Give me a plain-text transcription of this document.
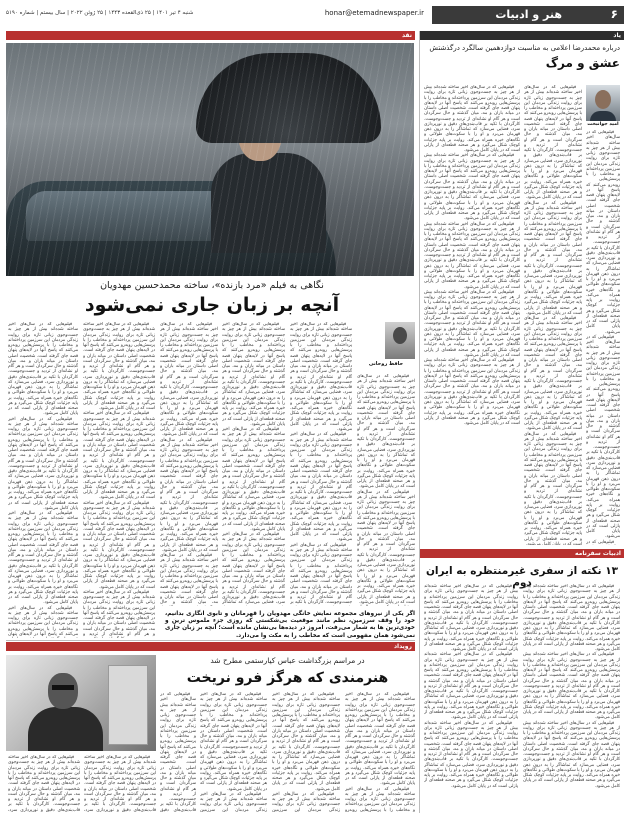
۶
هنر و ادبیات
honar@etemadnewspaper.ir
شنبه ۴ تیر ۱۴۰۱ | ۲۵ ذی‌القعده ۱۴۴۳ | ۲۵ ژوئن ۲۰۲۲ | سال بیستم | شماره ۵۱۹۰
یاد
نقد
نگاهی به فیلم «مرد بازنده»، ساخته محمدحسین مهدویان
آنچه بر زبان جاری نمی‌شود
حافظ روحانی

فیلم‌هایی که در سال‌های اخیر ساخته شده‌اند بیش از هر چیز به جست‌وجوی زبانی تازه برای روایت زندگی مردمان این سرزمین پرداخته‌اند و مخاطب را با پرسش‌هایی روبه‌رو می‌کنند که پاسخ آنها در لایه‌های پنهان قصه جای گرفته است. شخصیت اصلی داستان در میانه باران و مه، میان گذشته و حال سرگردان است و هر گام او نشانه‌ای از تردید و جست‌وجوست. کارگردان با تکیه بر قاب‌بندی‌های دقیق و نورپردازی سرد، فضایی می‌سازد که تماشاگر را به درون ذهن قهرمان می‌برد و او را با سکوت‌های طولانی و نگاه‌های خیره همراه می‌کند. روایت بر پایه جزئیات کوچک شکل می‌گیرد و هر صحنه قطعه‌ای از پازلی است که در پایان کامل می‌شود.

فیلم‌هایی که در سال‌های اخیر ساخته شده‌اند بیش از هر چیز به جست‌وجوی زبانی تازه برای روایت زندگی مردمان این سرزمین پرداخته‌اند و مخاطب را با پرسش‌هایی روبه‌رو می‌کنند که پاسخ آنها در لایه‌های پنهان قصه جای گرفته است. شخصیت اصلی داستان در میانه باران و مه، میان گذشته و حال سرگردان است و هر گام او نشانه‌ای از تردید و جست‌وجوست. کارگردان با تکیه بر قاب‌بندی‌های دقیق و نورپردازی سرد، فضایی می‌سازد که تماشاگر را به درون ذهن قهرمان می‌برد و او را با سکوت‌های طولانی و نگاه‌های خیره همراه می‌کند. روایت بر پایه جزئیات کوچک شکل می‌گیرد و هر صحنه قطعه‌ای از پازلی است که در پایان کامل می‌شود.

فیلم‌هایی که در سال‌های اخیر ساخته شده‌اند بیش از هر چیز به جست‌وجوی زبانی تازه برای روایت زندگی مردمان این سرزمین پرداخته‌اند و مخاطب را با پرسش‌هایی روبه‌رو می‌کنند که پاسخ آنها در لایه‌های پنهان قصه جای گرفته است. شخصیت اصلی داستان در میانه باران و مه، میان گذشته و حال سرگردان است و هر گام او نشانه‌ای از تردید و جست‌وجوست. کارگردان با تکیه بر قاب‌بندی‌های دقیق و نورپردازی سرد، فضایی می‌سازد که تماشاگر را به درون ذهن قهرمان می‌برد و او را با سکوت‌های طولانی و نگاه‌های خیره همراه می‌کند. روایت بر پایه جزئیات کوچک شکل می‌گیرد و هر صحنه قطعه‌ای از پازلی است که در پایان کامل می‌شود.

فیلم‌هایی که در سال‌های اخیر ساخته شده‌اند بیش از هر چیز به جست‌وجوی زبانی تازه برای روایت زندگی مردمان این سرزمین پرداخته‌اند و مخاطب را با پرسش‌هایی روبه‌رو می‌کنند که پاسخ آنها در لایه‌های پنهان قصه جای گرفته است. شخصیت اصلی داستان در میانه باران و مه، میان گذشته و حال سرگردان است و هر گام او نشانه‌ای از تردید و جست‌وجوست. کارگردان با تکیه بر قاب‌بندی‌های دقیق و نورپردازی سرد، فضایی می‌سازد که تماشاگر را به درون ذهن قهرمان می‌برد و او را با سکوت‌های طولانی و نگاه‌های خیره همراه می‌کند. روایت بر پایه جزئیات کوچک شکل می‌گیرد و هر صحنه قطعه‌ای از پازلی است که در پایان کامل می‌شود.

فیلم‌هایی که در سال‌های اخیر ساخته شده‌اند بیش از هر چیز به جست‌وجوی زبانی تازه برای روایت زندگی مردمان این سرزمین پرداخته‌اند و مخاطب را با پرسش‌هایی روبه‌رو می‌کنند که پاسخ آنها در لایه‌های پنهان قصه جای گرفته است. شخصیت اصلی داستان در میانه باران و مه، میان گذشته و حال سرگردان است و هر گام او نشانه‌ای از تردید و جست‌وجوست. کارگردان با تکیه بر

فیلم‌هایی که در سال‌های اخیر ساخته شده‌اند بیش از هر چیز به جست‌وجوی زبانی تازه برای روایت زندگی مردمان این سرزمین پرداخته‌اند و مخاطب را با پرسش‌هایی روبه‌رو می‌کنند که پاسخ آنها در لایه‌های پنهان قصه جای گرفته است. شخصیت اصلی داستان در میانه باران و مه، میان گذشته و حال سرگردان است و هر گام او نشانه‌ای از تردید و جست‌وجوست. کارگردان با تکیه بر قاب‌بندی‌های دقیق و نورپردازی سرد، فضایی می‌سازد که تماشاگر را به درون ذهن قهرمان می‌برد و او را با سکوت‌های طولانی و نگاه‌های خیره همراه می‌کند. روایت بر پایه جزئیات کوچک شکل می‌گیرد و هر صحنه قطعه‌ای از پازلی است که در پایان کامل می‌شود.

فیلم‌هایی که در سال‌های اخیر ساخته شده‌اند بیش از هر چیز به جست‌وجوی زبانی تازه برای روایت زندگی مردمان این سرزمین پرداخته‌اند و مخاطب را با پرسش‌هایی روبه‌رو می‌کنند که پاسخ آنها در لایه‌های پنهان قصه جای گرفته است. شخصیت اصلی داستان در میانه باران و مه، میان گذشته و حال سرگردان است و هر گام او نشانه‌ای از تردید و جست‌وجوست. کارگردان با تکیه بر قاب‌بندی‌های دقیق و نورپردازی سرد، فضایی می‌سازد که تماشاگر را به درون ذهن قهرمان می‌برد و او را با سکوت‌های طولانی و نگاه‌های خیره همراه می‌کند. روایت بر پایه جزئیات کوچک شکل می‌گیرد و هر صحنه قطعه‌ای از پازلی است که در پایان کامل می‌شود.

فیلم‌هایی که در سال‌های اخیر ساخته شده‌اند بیش از هر چیز به جست‌وجوی زبانی تازه برای روایت زندگی مردمان این سرزمین پرداخته‌اند و مخاطب را با پرسش‌هایی روبه‌رو می‌کنند که پاسخ آنها در لایه‌های پنهان قصه جای گرفته است. شخصیت اصلی داستان در میانه باران و مه، میان گذشته و حال سرگردان است و هر گام او نشانه‌ای از تردید و جست‌وجوست. کارگردان با تکیه بر قاب‌بندی‌های دقیق و نورپردازی سرد، فضایی می‌سازد که تماشاگر

فیلم‌هایی که در سال‌های اخیر ساخته شده‌اند بیش از هر چیز به جست‌وجوی زبانی تازه برای روایت زندگی مردمان این سرزمین پرداخته‌اند و مخاطب را با پرسش‌هایی روبه‌رو می‌کنند که پاسخ آنها در لایه‌های پنهان قصه جای گرفته است. شخصیت اصلی داستان در میانه باران و مه، میان گذشته و حال سرگردان است و هر گام او نشانه‌ای از تردید و جست‌وجوست. کارگردان با تکیه بر قاب‌بندی‌های دقیق و نورپردازی سرد، فضایی می‌سازد که تماشاگر را به درون ذهن قهرمان می‌برد و او را با سکوت‌های طولانی و نگاه‌های خیره همراه می‌کند. روایت بر پایه جزئیات کوچک شکل می‌گیرد و هر صحنه قطعه‌ای از پازلی است که در پایان کامل می‌شود.

فیلم‌هایی که در سال‌های اخیر ساخته شده‌اند بیش از هر چیز به جست‌وجوی زبانی تازه برای روایت زندگی مردمان این سرزمین پرداخته‌اند و مخاطب را با پرسش‌هایی روبه‌رو می‌کنند که پاسخ آنها در لایه‌های پنهان قصه جای گرفته است. شخصیت اصلی داستان در میانه باران و مه، میان گذشته و حال سرگردان است و هر گام او نشانه‌ای از تردید و جست‌وجوست. کارگردان با تکیه بر قاب‌بندی‌های دقیق و نورپردازی سرد، فضایی می‌سازد که تماشاگر را به درون ذهن قهرمان می‌برد و او را با سکوت‌های طولانی و نگاه‌های خیره همراه می‌کند. روایت بر پایه جزئیات کوچک شکل می‌گیرد و هر صحنه قطعه‌ای از پازلی است که در پایان کامل می‌شود.

فیلم‌هایی که در سال‌های اخیر ساخته شده‌اند بیش از هر چیز به جست‌وجوی زبانی تازه برای روایت زندگی مردمان این سرزمین پرداخته‌اند و مخاطب را با پرسش‌هایی روبه‌رو می‌کنند که پاسخ آنها در لایه‌های پنهان قصه جای گرفته است. شخصیت اصلی داستان در میانه باران و مه، میان گذشته و حال

فیلم‌هایی که در سال‌های اخیر ساخته شده‌اند بیش از هر چیز به جست‌وجوی زبانی تازه برای روایت زندگی مردمان این سرزمین پرداخته‌اند و مخاطب را با پرسش‌هایی روبه‌رو می‌کنند که پاسخ آنها در لایه‌های پنهان قصه جای گرفته است. شخصیت اصلی داستان در میانه باران و مه، میان گذشته و حال سرگردان است و هر گام او نشانه‌ای از تردید و جست‌وجوست. کارگردان با تکیه بر قاب‌بندی‌های دقیق و نورپردازی سرد، فضایی می‌سازد که تماشاگر را به درون ذهن قهرمان می‌برد و او را با سکوت‌های طولانی و نگاه‌های خیره همراه می‌کند. روایت بر پایه جزئیات کوچک شکل می‌گیرد و هر صحنه قطعه‌ای از پازلی است که در پایان کامل می‌شود.

فیلم‌هایی که در سال‌های اخیر ساخته شده‌اند بیش از هر چیز به جست‌وجوی زبانی تازه برای روایت زندگی مردمان این سرزمین پرداخته‌اند و مخاطب را با پرسش‌هایی روبه‌رو می‌کنند که پاسخ آنها در لایه‌های پنهان قصه جای گرفته است. شخصیت اصلی داستان در میانه باران و مه، میان گذشته و حال سرگردان است و هر گام او نشانه‌ای از تردید و جست‌وجوست. کارگردان با تکیه بر قاب‌بندی‌های دقیق و نورپردازی سرد، فضایی می‌سازد که تماشاگر را به درون ذهن قهرمان می‌برد و او را با سکوت‌های طولانی و نگاه‌های خیره همراه می‌کند. روایت بر پایه جزئیات کوچک شکل می‌گیرد و هر صحنه قطعه‌ای از پازلی است که در پایان کامل می‌شود.

فیلم‌هایی که در سال‌های اخیر ساخته شده‌اند بیش از هر چیز به جست‌وجوی زبانی تازه برای روایت زندگی مردمان این سرزمین پرداخته‌اند و مخاطب را با پرسش‌هایی روبه‌رو می‌کنند که پاسخ آنها در لایه‌های پنهان قصه جای گرفته است. شخصیت اصلی داستان در میانه باران و مه، میان گذشته و حال سرگردان است و هر گام او نشانه‌ای از تردید و جست‌وجوست. کارگردان با تکیه بر قاب‌بندی‌های دقیق و نورپردازی سرد، فضایی می‌سازد که تماشاگر را به درون ذهن قهرمان می‌برد و او را با سکوت‌های طولانی و نگاه‌های خیره همراه می‌کند. روایت بر پایه جزئیات کوچک شکل می‌گیرد و هر صحنه قطعه‌ای از پازلی است که در پایان کامل می‌شود.

فیلم‌هایی که در سال‌های اخیر ساخته شده‌اند بیش از هر چیز به جست‌وجوی زبانی تازه برای روایت زندگی مردمان این سرزمین پرداخته‌اند و مخاطب را با پرسش‌هایی روبه‌رو می‌کنند که پاسخ آنها در لایه‌های پنهان قصه جای گرفته است. شخصیت اصلی داستان در میانه باران و مه، میان گذشته و حال سرگردان است و هر گام او نشانه‌ای از تردید و

فیلم‌هایی که در سال‌های اخیر ساخته شده‌اند بیش از هر چیز به جست‌وجوی زبانی تازه برای روایت زندگی مردمان این سرزمین پرداخته‌اند و مخاطب را با پرسش‌هایی روبه‌رو می‌کنند که پاسخ آنها در لایه‌های پنهان قصه جای گرفته است. شخصیت اصلی داستان در میانه باران و مه، میان گذشته و حال سرگردان است و هر گام او نشانه‌ای از تردید و جست‌وجوست. کارگردان با تکیه بر قاب‌بندی‌های دقیق و نورپردازی سرد، فضایی می‌سازد که تماشاگر را به درون ذهن قهرمان می‌برد و او را با سکوت‌های طولانی و نگاه‌های خیره همراه می‌کند. روایت بر پایه جزئیات کوچک شکل می‌گیرد و هر صحنه قطعه‌ای از پازلی است که در پایان کامل می‌شود.

فیلم‌هایی که در سال‌های اخیر ساخته شده‌اند بیش از هر چیز به جست‌وجوی زبانی تازه برای روایت زندگی مردمان این سرزمین پرداخته‌اند و مخاطب را با پرسش‌هایی روبه‌رو می‌کنند که پاسخ آنها در لایه‌های پنهان قصه جای گرفته است. شخصیت اصلی داستان در میانه باران و مه، میان گذشته و حال سرگردان است و هر گام او نشانه‌ای از تردید و جست‌وجوست. کارگردان با تکیه بر قاب‌بندی‌های دقیق و نورپردازی سرد، فضایی می‌سازد که تماشاگر را به درون ذهن قهرمان می‌برد و او را با سکوت‌های طولانی و نگاه‌های خیره همراه می‌کند. روایت بر پایه جزئیات کوچک شکل می‌گیرد و هر صحنه قطعه‌ای از پازلی است که در پایان کامل می‌شود.

فیلم‌هایی که در سال‌های اخیر ساخته شده‌اند بیش از هر چیز به جست‌وجوی زبانی تازه برای روایت زندگی مردمان این سرزمین پرداخته‌اند و مخاطب را با پرسش‌هایی روبه‌رو می‌کنند که پاسخ آنها در لایه‌های پنهان قصه جای گرفته است. شخصیت اصلی داستان در میانه باران و مه، میان گذشته و حال سرگردان است و هر گام او نشانه‌ای از تردید و جست‌وجوست. کارگردان با تکیه بر قاب‌بندی‌های دقیق و نورپردازی سرد، فضایی می‌سازد که تماشاگر را به درون ذهن قهرمان می‌برد و او را با سکوت‌های طولانی و نگاه‌های خیره همراه می‌کند. روایت بر پایه جزئیات کوچک شکل می‌گیرد و هر صحنه قطعه‌ای از پازلی است که در پایان کامل می‌شود.

فیلم‌هایی که در سال‌های اخیر ساخته شده‌اند بیش از هر چیز به جست‌وجوی زبانی تازه برای روایت زندگی مردمان این سرزمین پرداخته‌اند و مخاطب را با پرسش‌هایی روبه‌رو می‌کنند که پاسخ آنها در لایه‌های پنهان

اگر یکی از نیروهای مجموعه نمایش خانگی مهدویان را قهرمانان و تابوی انگاری بدانیم، خود را وقف سرزمین، نظم مانند موقعیت بی‌شکستی که روزی جزء ملموس ترین و خودی‌ترین ها به شمار می‌رفت، امروز در دیده‌ها بی‌نشان مانده است؛ آنچه بر زبان جاری نمی‌شود همان مفهومی است که مخاطب را به مکث وا می‌دارد.
درباره محمدرضا اعلامی به مناسبت دوازدهمین سالگرد درگذشتش
عشق و مرگ
امید جوانبخت

فیلم‌هایی که در سال‌های اخیر ساخته شده‌اند بیش از هر چیز به جست‌وجوی زبانی تازه برای روایت زندگی مردمان این سرزمین پرداخته‌اند و مخاطب را با پرسش‌هایی روبه‌رو می‌کنند که پاسخ آنها در لایه‌های پنهان قصه جای گرفته است. شخصیت اصلی داستان در میانه باران و مه، میان گذشته و حال سرگردان است و هر گام او نشانه‌ای از تردید و جست‌وجوست. کارگردان با تکیه بر قاب‌بندی‌های دقیق و نورپردازی سرد، فضایی می‌سازد که تماشاگر را به درون ذهن قهرمان می‌برد و او را با سکوت‌های طولانی و نگاه‌های خیره همراه می‌کند. روایت بر پایه جزئیات کوچک شکل می‌گیرد و هر صحنه قطعه‌ای از پازلی است که در پایان کامل می‌شود.

فیلم‌هایی که در سال‌های اخیر ساخته شده‌اند بیش از هر چیز به جست‌وجوی زبانی تازه برای روایت زندگی مردمان این سرزمین پرداخته‌اند و مخاطب را با پرسش‌هایی روبه‌رو می‌کنند که پاسخ آنها در لایه‌های پنهان قصه جای گرفته است. شخصیت اصلی داستان در میانه باران و مه، میان گذشته و حال سرگردان است و هر گام او نشانه‌ای از تردید و جست‌وجوست. کارگردان با تکیه بر قاب‌بندی‌های دقیق و نورپردازی سرد، فضایی می‌سازد که تماشاگر را به درون ذهن قهرمان می‌برد و او را با سکوت‌های طولانی و نگاه‌های خیره همراه می‌کند. روایت بر پایه جزئیات کوچک شکل می‌گیرد و هر صحنه قطعه‌ای از پازلی است که در پایان کامل می‌شود.

فیلم‌هایی که در سال‌های اخیر ساخته شده‌اند بیش از هر چیز به جست‌وجوی زبانی تازه برای روایت زندگی مردمان این سرزمین پرداخته‌اند و مخاطب را با پرسش‌هایی روبه‌رو می‌کنند که پاسخ آنها در لایه‌های پنهان قصه جای گرفته است. شخصیت اصلی داستان در میانه باران و مه، میان گذشته و حال سرگردان است و هر گام او نشانه‌ای از تردید و جست‌وجوست. کارگردان با تکیه بر قاب‌بندی‌های دقیق و نورپردازی سرد، فضایی می‌سازد که تماشاگر را به درون ذهن قهرمان می‌برد و او را با سکوت‌های طولانی و نگاه‌های خیره همراه می‌کند. روایت بر پایه جزئیات کوچک شکل می‌گیرد و هر صحنه قطعه‌ای از پازلی است که در پایان کامل می‌شود.

فیلم‌هایی که در سال‌های اخیر ساخته شده‌اند بیش از هر چیز به جست‌وجوی زبانی تازه برای روایت زندگی مردمان این سرزمین پرداخته‌اند و مخاطب را با پرسش‌هایی روبه‌رو می‌کنند که پاسخ آنها در لایه‌های پنهان قصه جای گرفته است. شخصیت اصلی داستان در میانه باران و مه، میان گذشته و حال سرگردان است و هر گام او نشانه‌ای از تردید و جست‌وجوست. کارگردان با تکیه بر قاب‌بندی‌های دقیق و نورپردازی سرد، فضایی می‌سازد که تماشاگر را به درون ذهن قهرمان می‌برد و او را با سکوت‌های طولانی و نگاه‌های خیره همراه می‌کند. روایت بر پایه جزئیات کوچک شکل می‌گیرد و هر صحنه قطعه‌ای از پازلی است که در پایان کامل می‌شود.

فیلم‌هایی که در سال‌های اخیر ساخته شده‌اند بیش از هر چیز به جست‌وجوی زبانی تازه برای روایت زندگی مردمان این سرزمین پرداخته‌اند و مخاطب را با پرسش‌هایی روبه‌رو می‌کنند که پاسخ آنها در لایه‌های پنهان قصه جای گرفته است. شخصیت اصلی داستان در میانه باران و مه، میان گذشته و حال سرگردان است و هر گام او نشانه‌ای از تردید و جست‌وجوست. کارگردان با تکیه بر قاب‌بندی‌های دقیق و نورپردازی سرد، فضایی می‌سازد که تماشاگر را به درون ذهن قهرمان می‌برد و او را با سکوت‌های طولانی و نگاه‌های خیره همراه می‌کند. روایت بر پایه جزئیات کوچک شکل می‌گیرد و هر صحنه قطعه‌ای از پازلی است که در پایان کامل می‌شود.

فیلم‌هایی که در سال‌های اخیر ساخته شده‌اند بیش از هر چیز به جست‌وجوی زبانی تازه برای روایت زندگی مردمان این سرزمین پرداخته‌اند و مخاطب را با پرسش‌هایی روبه‌رو می‌کنند که پاسخ آنها در لایه‌های پنهان قصه جای گرفته است. شخصیت اصلی داستان در میانه باران و مه، میان گذشته و حال سرگردان است و هر گام او نشانه‌ای از تردید و جست‌وجوست. کارگردان با تکیه بر قاب‌بندی‌های دقیق و نورپردازی سرد، فضایی می‌سازد که تماشاگر را به درون ذهن قهرمان می‌برد و او را با سکوت‌های طولانی و نگاه‌های خیره همراه می‌کند. روایت بر پایه جزئیات کوچک شکل می‌گیرد و هر صحنه قطعه‌ای از پازلی است که در پایان کامل می‌شود.

فیلم‌هایی که در سال‌های اخیر ساخته شده‌اند بیش از هر چیز به جست‌وجوی زبانی تازه برای روایت زندگی مردمان این سرزمین پرداخته‌اند و مخاطب را با پرسش‌هایی روبه‌رو می‌کنند که پاسخ آنها در لایه‌های پنهان قصه جای گرفته است. شخصیت اصلی داستان در میانه باران و مه، میان گذشته و حال سرگردان است و هر گام او نشانه‌ای از تردید و جست‌وجوست. کارگردان با تکیه بر قاب‌بندی‌های دقیق و نورپردازی سرد، فضایی می‌سازد که تماشاگر را به درون ذهن قهرمان می‌برد و او را با سکوت‌های طولانی و نگاه‌های خیره همراه می‌کند. روایت بر پایه جزئیات کوچک شکل می‌گیرد و هر صحنه قطعه‌ای از پازلی است که در پایان کامل می‌شود.

فیلم‌هایی که در سال‌های اخیر ساخته شده‌اند بیش از هر چیز به جست‌وجوی زبانی تازه برای روایت زندگی مردمان این سرزمین پرداخته‌اند و مخاطب را با پرسش‌هایی روبه‌رو می‌کنند که پاسخ آنها در لایه‌های پنهان قصه جای گرفته است. شخصیت اصلی داستان در میانه باران و مه، میان گذشته و حال سرگردان است و هر گام او نشانه‌ای از تردید و جست‌وجوست. کارگردان با تکیه بر قاب‌بندی‌های دقیق و نورپردازی سرد، فضایی می‌سازد که تماشاگر را به درون ذهن قهرمان می‌برد و او را با سکوت‌های طولانی و نگاه‌های خیره همراه می‌کند. روایت بر پایه جزئیات کوچک شکل می‌گیرد و هر صحنه قطعه‌ای از پازلی است که در پایان کامل می‌شود.

فیلم‌هایی که در سال‌های اخیر ساخته شده‌اند بیش از هر چیز به جست‌وجوی زبانی تازه برای روایت زندگی مردمان این سرزمین پرداخته‌اند و مخاطب را با پرسش‌هایی روبه‌رو می‌کنند که پاسخ آنها در لایه‌های پنهان قصه جای گرفته است. شخصیت اصلی داستان در میانه باران و مه، میان گذشته و حال سرگردان است و هر گام او نشانه‌ای از تردید و جست‌وجوست. کارگردان با تکیه بر قاب‌بندی‌های دقیق و نورپردازی سرد، فضایی می‌سازد که تماشاگر را به درون ذهن قهرمان می‌برد و او را با سکوت‌های طولانی و نگاه‌های خیره همراه می‌کند. روایت بر پایه جزئیات کوچک شکل می‌گیرد و هر صحنه قطعه‌ای از پازلی است که در پایان کامل می‌شود.

فیلم‌هایی که در سال‌های اخیر ساخته شده‌اند بیش از هر چیز به جست‌وجوی زبانی تازه برای روایت زندگی مردمان این سرزمین پرداخته‌اند و مخاطب را با پرسش‌هایی روبه‌رو می‌کنند که پاسخ آنها در لایه‌های پنهان قصه جای گرفته است. شخصیت اصلی داستان در میانه باران و مه، میان گذشته و حال سرگردان است و هر گام او نشانه‌ای از تردید و جست‌وجوست. کارگردان با تکیه بر قاب‌بندی‌های دقیق و نورپردازی سرد، فضایی می‌سازد که تماشاگر را به درون ذهن قهرمان می‌برد و او را با سکوت‌های طولانی و نگاه‌های خیره همراه می‌کند. روایت بر پایه جزئیات کوچک شکل می‌گیرد و هر صحنه قطعه‌ای از پازلی است که در پایان کامل می‌شود.

فیلم‌هایی که در سال‌های اخیر ساخته شده‌اند بیش از هر چیز به جست‌وجوی زبانی تازه برای روایت زندگی مردمان این سرزمین پرداخته‌اند و مخاطب را با پرسش‌هایی روبه‌رو می‌کنند که پاسخ آنها در لایه‌های پنهان قصه جای گرفته است. شخصیت اصلی داستان در میانه باران و مه، میان گذشته و حال سرگردان است و هر گام او نشانه‌ای از تردید و جست‌وجوست. کارگردان با تکیه بر قاب‌بندی‌های دقیق و نورپردازی سرد، فضایی می‌سازد که تماشاگر را به درون ذهن قهرمان می‌برد و او را با سکوت‌های طولانی و نگاه‌های خیره همراه می‌کند. روایت بر پایه جزئیات کوچک شکل می‌گیرد و هر صحنه قطعه‌ای از پازلی است که در پایان کامل می‌شود.

فیلم‌هایی که در

ادبیات سفرنامه
۱۳ نکته از سفری غیرمنتظره به ایران دوم

فیلم‌هایی که در سال‌های اخیر ساخته شده‌اند بیش از هر چیز به جست‌وجوی زبانی تازه برای روایت زندگی مردمان این سرزمین پرداخته‌اند و مخاطب را با پرسش‌هایی روبه‌رو می‌کنند که پاسخ آنها در لایه‌های پنهان قصه جای گرفته است. شخصیت اصلی داستان در میانه باران و مه، میان گذشته و حال سرگردان است و هر گام او نشانه‌ای از تردید و جست‌وجوست. کارگردان با تکیه بر قاب‌بندی‌های دقیق و نورپردازی سرد، فضایی می‌سازد که تماشاگر را به درون ذهن قهرمان می‌برد و او را با سکوت‌های طولانی و نگاه‌های خیره همراه می‌کند. روایت بر پایه جزئیات کوچک شکل می‌گیرد و هر صحنه قطعه‌ای از پازلی است که در پایان کامل می‌شود.

فیلم‌هایی که در سال‌های اخیر ساخته شده‌اند بیش از هر چیز به جست‌وجوی زبانی تازه برای روایت زندگی مردمان این سرزمین پرداخته‌اند و مخاطب را با پرسش‌هایی روبه‌رو می‌کنند که پاسخ آنها در لایه‌های پنهان قصه جای گرفته است. شخصیت اصلی داستان در میانه باران و مه، میان گذشته و حال سرگردان است و هر گام او نشانه‌ای از تردید و جست‌وجوست. کارگردان با تکیه بر قاب‌بندی‌های دقیق و نورپردازی سرد، فضایی می‌سازد که تماشاگر را به درون ذهن قهرمان می‌برد و او را با سکوت‌های طولانی و نگاه‌های خیره همراه می‌کند. روایت بر پایه جزئیات کوچک شکل می‌گیرد و هر صحنه قطعه‌ای از پازلی است که در پایان کامل می‌شود.

فیلم‌هایی که در سال‌های اخیر ساخته شده‌اند بیش از هر چیز به جست‌وجوی زبانی تازه برای روایت زندگی مردمان این سرزمین پرداخته‌اند و مخاطب را با پرسش‌هایی روبه‌رو می‌کنند که پاسخ آنها در لایه‌های پنهان قصه جای گرفته است. شخصیت اصلی داستان در میانه باران و مه، میان گذشته و حال سرگردان است و هر گام او نشانه‌ای از تردید و جست‌وجوست. کارگردان با تکیه بر قاب‌بندی‌های دقیق و نورپردازی سرد، فضایی می‌سازد که تماشاگر را به درون ذهن قهرمان می‌برد و او را با سکوت‌های طولانی و نگاه‌های خیره همراه می‌کند. روایت بر پایه جزئیات کوچک شکل می‌گیرد و هر صحنه قطعه‌ای از پازلی است که در پایان کامل می‌شود.

فیلم‌هایی که در سال‌های اخیر ساخته شده‌اند بیش از هر چیز به جست‌وجوی زبانی تازه برای روایت زندگی مردمان این سرزمین پرداخته‌اند و مخاطب را با پرسش‌هایی روبه‌رو می‌کنند که پاسخ آنها در لایه‌های پنهان قصه جای گرفته است. شخصیت اصلی داستان در میانه باران و مه، میان گذشته و حال سرگردان است و هر گام او نشانه‌ای از تردید و جست‌وجوست. کارگردان با تکیه بر قاب‌بندی‌های دقیق و نورپردازی سرد، فضایی می‌سازد که تماشاگر را به درون ذهن قهرمان می‌برد و او را با سکوت‌های طولانی و نگاه‌های خیره همراه می‌کند. روایت بر پایه جزئیات کوچک شکل می‌گیرد و هر صحنه قطعه‌ای از پازلی است که در پایان کامل می‌شود.

فیلم‌هایی که در سال‌های اخیر ساخته شده‌اند بیش از هر چیز به جست‌وجوی زبانی تازه برای روایت زندگی مردمان این سرزمین پرداخته‌اند و مخاطب را با پرسش‌هایی روبه‌رو می‌کنند که پاسخ آنها در لایه‌های پنهان قصه جای گرفته است. شخصیت اصلی داستان در میانه باران و مه، میان گذشته و حال سرگردان است و هر گام او نشانه‌ای از تردید و جست‌وجوست. کارگردان با تکیه بر قاب‌بندی‌های دقیق و نورپردازی سرد، فضایی می‌سازد که تماشاگر را به درون ذهن قهرمان می‌برد و او را با سکوت‌های طولانی و نگاه‌های خیره همراه می‌کند. روایت بر پایه جزئیات کوچک شکل می‌گیرد و هر صحنه قطعه‌ای از پازلی است که در پایان کامل می‌شود.

فیلم‌هایی که در سال‌های اخیر ساخته شده‌اند بیش از هر چیز به جست‌وجوی زبانی تازه برای روایت زندگی مردمان این سرزمین پرداخته‌اند و مخاطب را با پرسش‌هایی روبه‌رو می‌کنند که پاسخ آنها در لایه‌های پنهان قصه جای گرفته است. شخصیت اصلی داستان در میانه باران و مه، میان گذشته و حال سرگردان است و هر گام او نشانه‌ای از تردید و جست‌وجوست. کارگردان با تکیه بر قاب‌بندی‌های دقیق و نورپردازی سرد، فضایی می‌سازد که تماشاگر را به درون ذهن قهرمان می‌برد و او را با سکوت‌های طولانی و نگاه‌های خیره همراه می‌کند. روایت بر پایه جزئیات کوچک شکل می‌گیرد و هر صحنه قطعه‌ای از پازلی است که در پایان کامل می‌شود.

رویداد
در مراسم بزرگداشت عباس کیارستمی مطرح شد
هنرمندی که هرگز فرو نریخت

فیلم‌هایی که در سال‌های اخیر ساخته شده‌اند بیش از هر چیز به جست‌وجوی زبانی تازه برای روایت زندگی مردمان این سرزمین پرداخته‌اند و مخاطب را با پرسش‌هایی روبه‌رو می‌کنند که پاسخ آنها در لایه‌های پنهان قصه جای گرفته است. شخصیت اصلی داستان در میانه باران و مه، میان گذشته و حال سرگردان است و هر گام او نشانه‌ای از تردید و جست‌وجوست. کارگردان با تکیه بر قاب‌بندی‌های دقیق و نورپردازی سرد، فضایی می‌سازد که تماشاگر را به درون ذهن قهرمان می‌برد و او را با سکوت‌های طولانی و نگاه‌های خیره همراه می‌کند. روایت بر پایه جزئیات کوچک شکل می‌گیرد و هر صحنه قطعه‌ای از پازلی است که در پایان کامل می‌شود.

فیلم‌هایی که در سال‌های اخیر ساخته شده‌اند بیش از هر چیز به جست‌وجوی زبانی تازه برای روایت زندگی مردمان این سرزمین پرداخته‌اند و مخاطب را با پرسش‌هایی روبه‌رو

فیلم‌هایی که در سال‌های اخیر ساخته شده‌اند بیش از هر چیز به جست‌وجوی زبانی تازه برای روایت زندگی مردمان این سرزمین پرداخته‌اند و مخاطب را با پرسش‌هایی روبه‌رو می‌کنند که پاسخ آنها در لایه‌های پنهان قصه جای گرفته است. شخصیت اصلی داستان در میانه باران و مه، میان گذشته و حال سرگردان است و هر گام او نشانه‌ای از تردید و جست‌وجوست. کارگردان با تکیه بر قاب‌بندی‌های دقیق و نورپردازی سرد، فضایی می‌سازد که تماشاگر را به درون ذهن قهرمان می‌برد و او را با سکوت‌های طولانی و نگاه‌های خیره همراه می‌کند. روایت بر پایه جزئیات کوچک شکل می‌گیرد و هر صحنه قطعه‌ای از پازلی است که در پایان کامل می‌شود.

فیلم‌هایی که در سال‌های اخیر ساخته شده‌اند بیش از هر چیز به جست‌وجوی زبانی تازه برای روایت زندگی مردمان این سرزمین

فیلم‌هایی که در سال‌های اخیر ساخته شده‌اند بیش از هر چیز به جست‌وجوی زبانی تازه برای روایت زندگی مردمان این سرزمین پرداخته‌اند و مخاطب را با پرسش‌هایی روبه‌رو می‌کنند که پاسخ آنها در لایه‌های پنهان قصه جای گرفته است. شخصیت اصلی داستان در میانه باران و مه، میان گذشته و حال سرگردان است و هر گام او نشانه‌ای از تردید و جست‌وجوست. کارگردان با تکیه بر قاب‌بندی‌های دقیق و نورپردازی سرد، فضایی می‌سازد که تماشاگر را به درون ذهن قهرمان می‌برد و او را با سکوت‌های طولانی و نگاه‌های خیره همراه می‌کند. روایت بر پایه جزئیات کوچک شکل می‌گیرد و هر صحنه قطعه‌ای از پازلی است که در پایان کامل می‌شود.

فیلم‌هایی که در سال‌های اخیر ساخته شده‌اند بیش از هر چیز به جست‌وجوی زبانی تازه برای روایت زندگی مردمان این سرزمین

فیلم‌هایی که در سال‌های اخیر ساخته شده‌اند بیش از هر چیز به جست‌وجوی زبانی تازه برای روایت زندگی مردمان این سرزمین پرداخته‌اند و مخاطب را با پرسش‌هایی روبه‌رو می‌کنند که پاسخ آنها در لایه‌های پنهان قصه جای گرفته است. شخصیت اصلی داستان در میانه باران و مه، میان گذشته و حال سرگردان است و هر گام او نشانه‌ای از تردید و جست‌وجوست. کارگردان با تکیه بر قاب‌بندی‌های دقیق

فیلم‌هایی که در سال‌های اخیر ساخته شده‌اند بیش از هر چیز به جست‌وجوی زبانی تازه برای روایت زندگی مردمان این سرزمین پرداخته‌اند و مخاطب را با پرسش‌هایی روبه‌رو می‌کنند که پاسخ آنها در لایه‌های پنهان قصه جای گرفته است. شخصیت اصلی داستان در میانه باران و مه، میان گذشته و حال سرگردان است و هر گام او نشانه‌ای از تردید و جست‌وجوست. کارگردان با تکیه بر قاب‌بندی‌های دقیق و نورپردازی سرد،

فیلم‌هایی که در سال‌های اخیر ساخته شده‌اند بیش از هر چیز به جست‌وجوی زبانی تازه برای روایت زندگی مردمان این سرزمین پرداخته‌اند و مخاطب را با پرسش‌هایی روبه‌رو می‌کنند که پاسخ آنها در لایه‌های پنهان قصه جای گرفته است. شخصیت اصلی داستان در میانه باران و مه، میان گذشته و حال سرگردان است و هر گام او نشانه‌ای از تردید و جست‌وجوست. کارگردان با تکیه بر قاب‌بندی‌های دقیق و نورپردازی سرد،
